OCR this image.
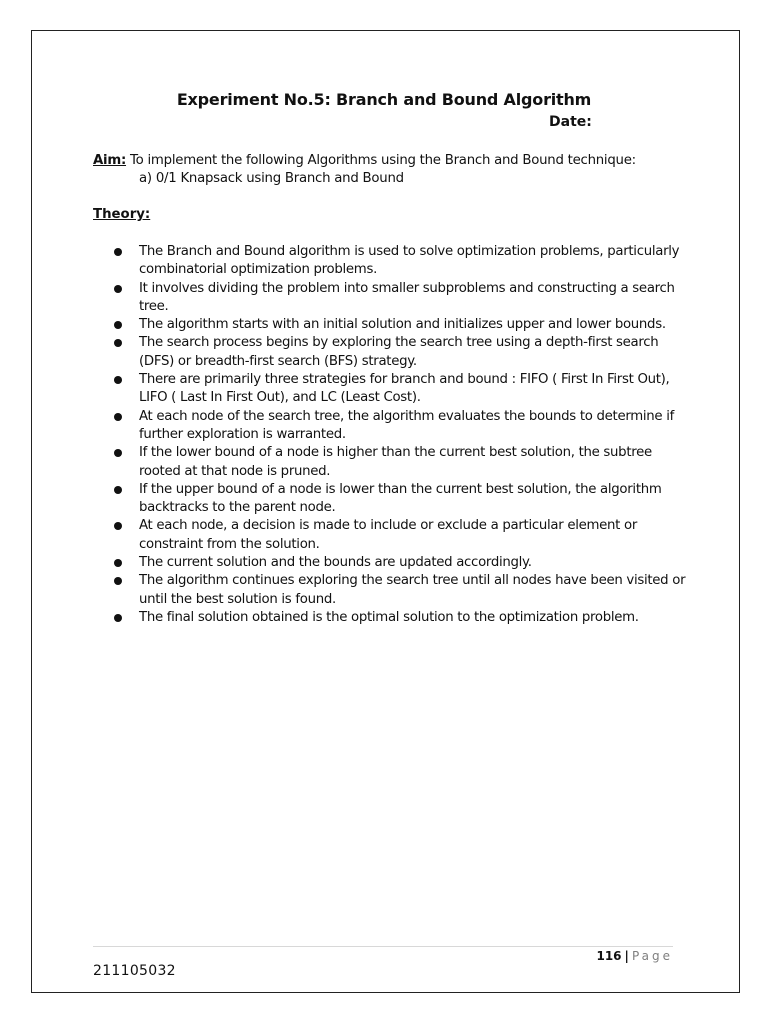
Experiment No.5: Branch and Bound Algorithm
Date:
Aim: To implement the following Algorithms using the Branch and Bound technique:
a) 0/1 Knapsack using Branch and Bound
Theory:
The Branch and Bound algorithm is used to solve optimization problems, particularly combinatorial optimization problems.
It involves dividing the problem into smaller subproblems and constructing a search tree.
The algorithm starts with an initial solution and initializes upper and lower bounds.
The search process begins by exploring the search tree using a depth-first search (DFS) or breadth-first search (BFS) strategy.
There are primarily three strategies for branch and bound : FIFO ( First In First Out), LIFO ( Last In First Out), and LC (Least Cost).
At each node of the search tree, the algorithm evaluates the bounds to determine if further exploration is warranted.
If the lower bound of a node is higher than the current best solution, the subtree rooted at that node is pruned.
If the upper bound of a node is lower than the current best solution, the algorithm backtracks to the parent node.
At each node, a decision is made to include or exclude a particular element or constraint from the solution.
The current solution and the bounds are updated accordingly.
The algorithm continues exploring the search tree until all nodes have been visited or until the best solution is found.
The final solution obtained is the optimal solution to the optimization problem.
116 | Page
211105032
